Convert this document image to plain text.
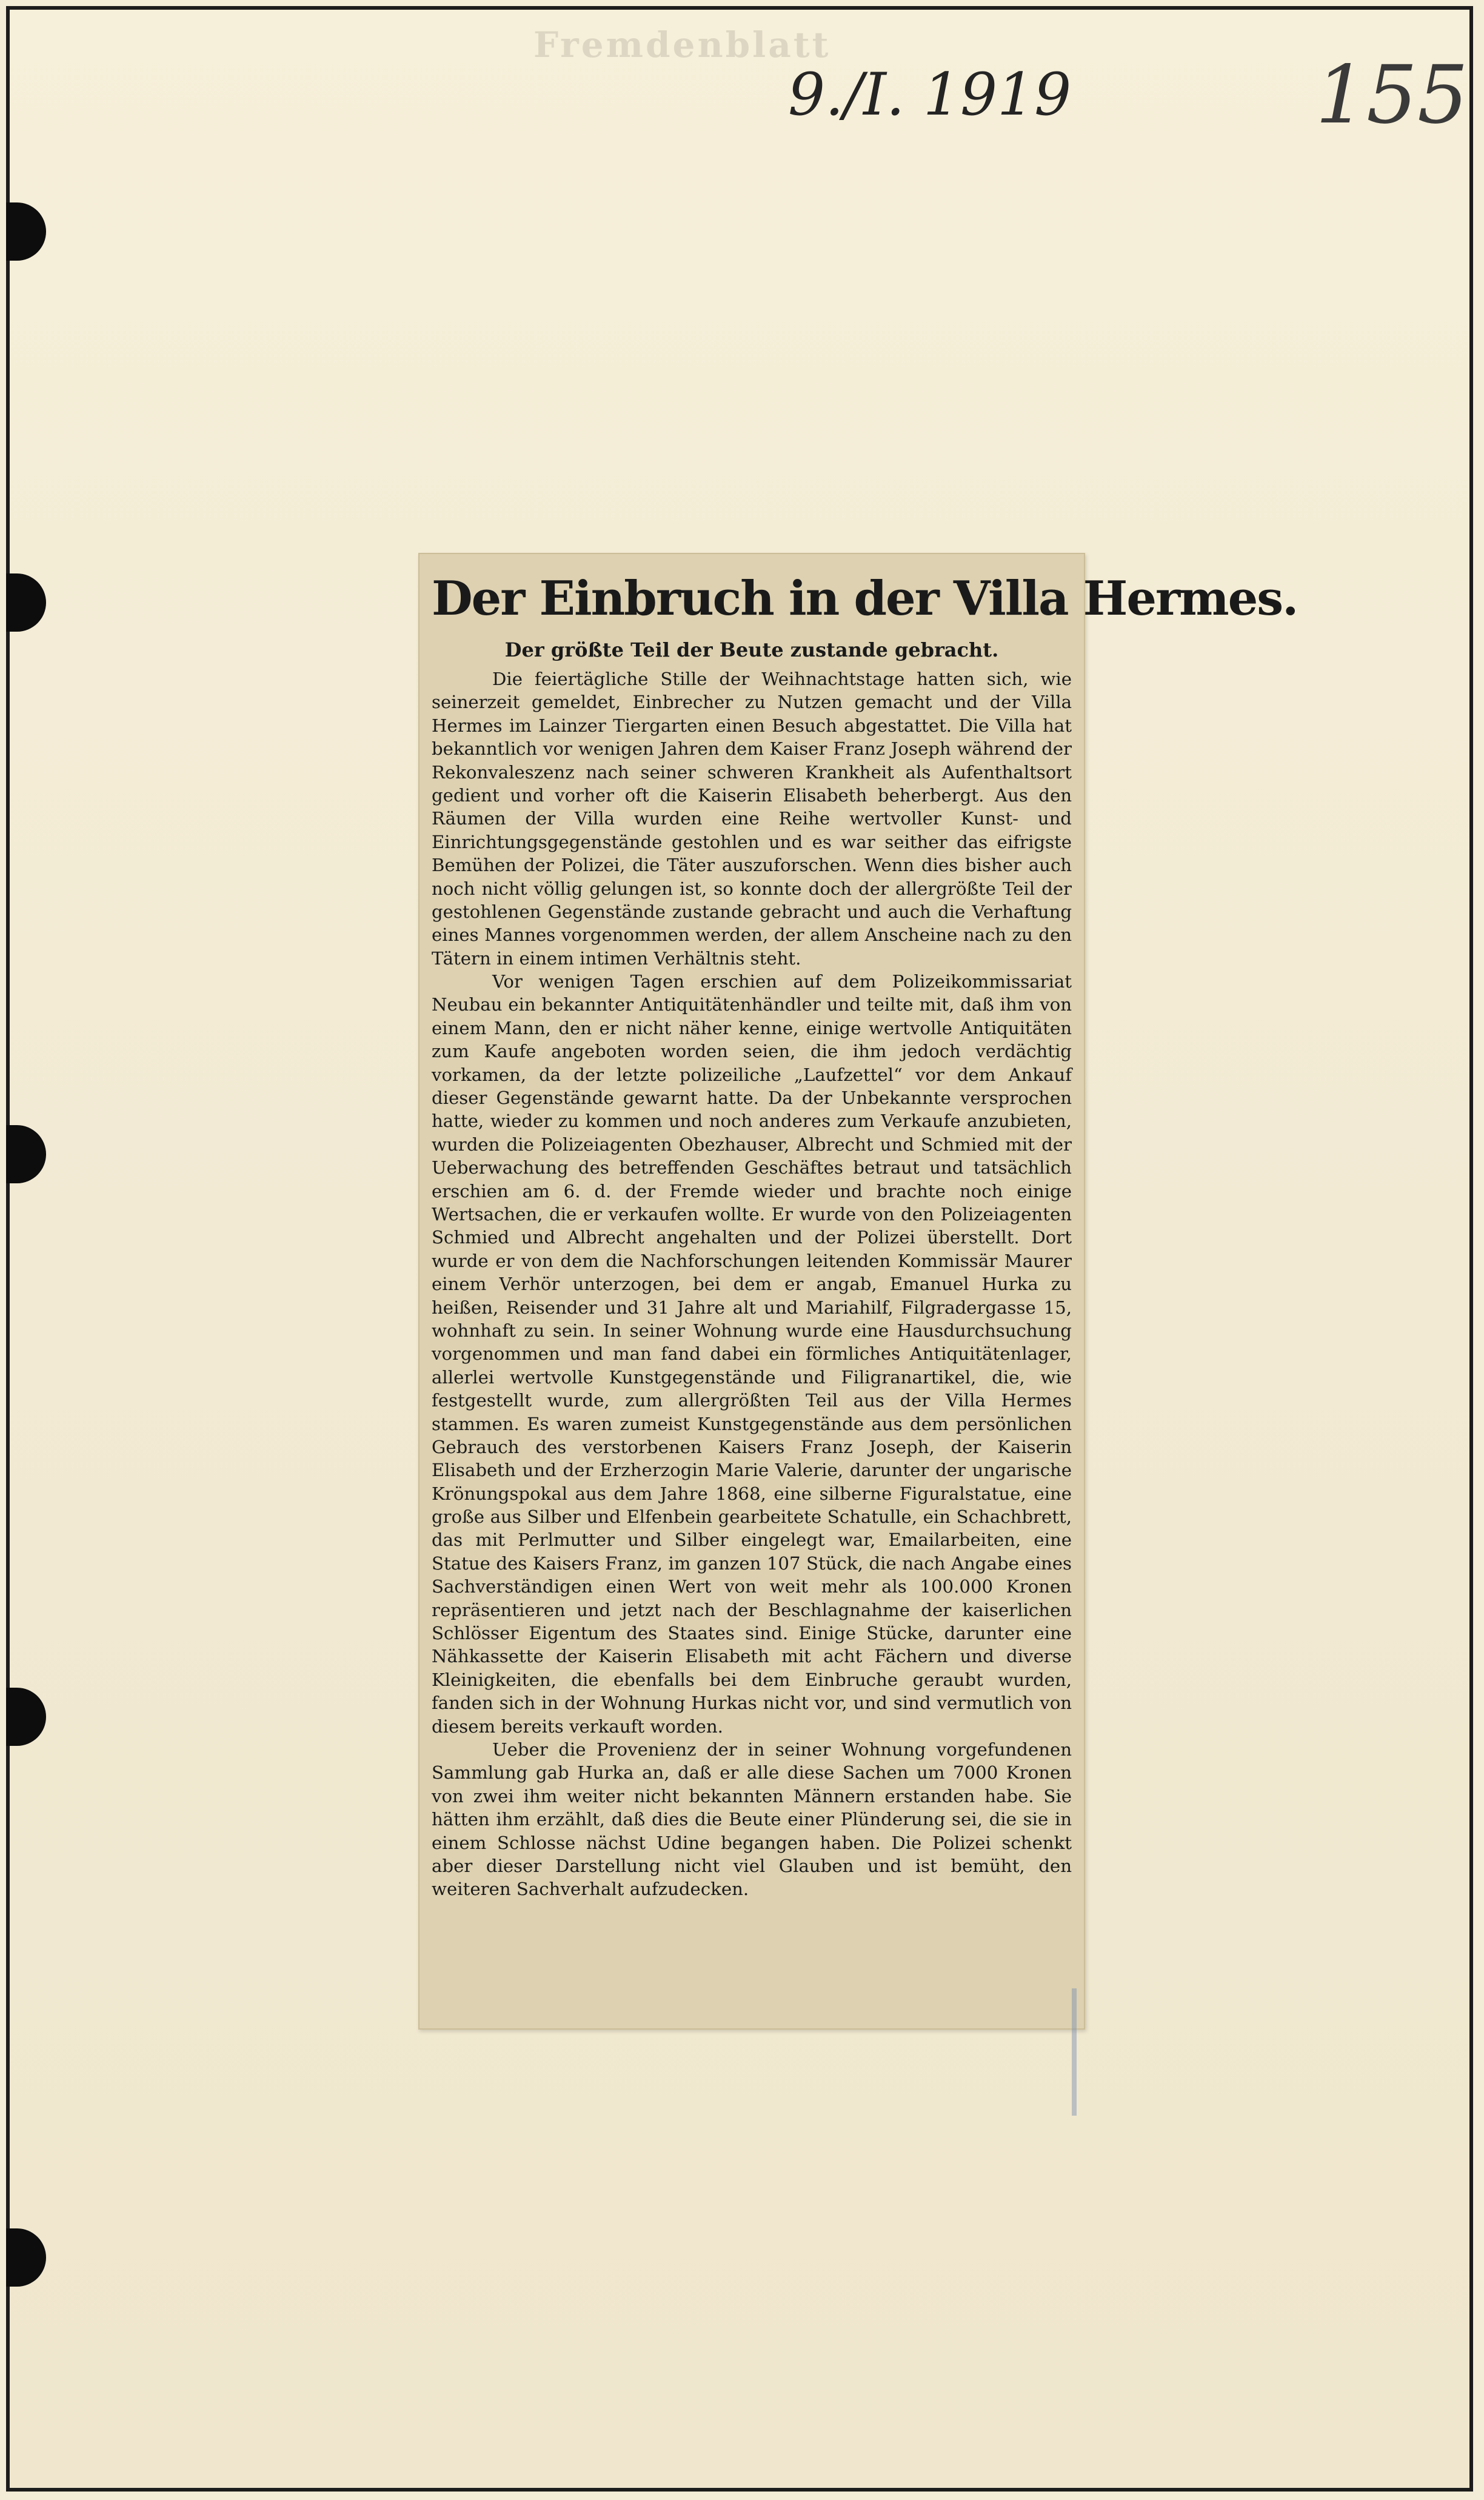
Fremdenblatt
9./I. 1919	155
Der Einbruch in der Villa Hermes.
Der größte Teil der Beute zustande gebracht.

Die feiertägliche Stille der Weihnachtstage hatten sich, wie seinerzeit gemeldet, Einbrecher zu Nutzen gemacht und der Villa Hermes im Lainzer Tiergarten einen Besuch abgestattet. Die Villa hat bekanntlich vor wenigen Jahren dem Kaiser Franz Joseph während der Rekonvaleszenz nach seiner schweren Krankheit als Aufenthaltsort gedient und vorher oft die Kaiserin Elisabeth beherbergt. Aus den Räumen der Villa wurden eine Reihe wertvoller Kunst- und Einrichtungsgegenstände gestohlen und es war seither das eifrigste Bemühen der Polizei, die Täter auszuforschen. Wenn dies bisher auch noch nicht völlig gelungen ist, so konnte doch der allergrößte Teil der gestohlenen Gegenstände zustande gebracht und auch die Verhaftung eines Mannes vorgenommen werden, der allem Anscheine nach zu den Tätern in einem intimen Verhältnis steht.

Vor wenigen Tagen erschien auf dem Polizeikommissariat Neubau ein bekannter Antiquitätenhändler und teilte mit, daß ihm von einem Mann, den er nicht näher kenne, einige wertvolle Antiquitäten zum Kaufe angeboten worden seien, die ihm jedoch verdächtig vorkamen, da der letzte polizeiliche „Laufzettel“ vor dem Ankauf dieser Gegenstände gewarnt hatte. Da der Unbekannte versprochen hatte, wieder zu kommen und noch anderes zum Verkaufe anzubieten, wurden die Polizeiagenten Obezhauser, Albrecht und Schmied mit der Ueberwachung des betreffenden Geschäftes betraut und tatsächlich erschien am 6. d. der Fremde wieder und brachte noch einige Wertsachen, die er verkaufen wollte. Er wurde von den Polizeiagenten Schmied und Albrecht angehalten und der Polizei überstellt. Dort wurde er von dem die Nachforschungen leitenden Kommissär Maurer einem Verhör unterzogen, bei dem er angab, Emanuel Hurka zu heißen, Reisender und 31 Jahre alt und Mariahilf, Filgradergasse 15, wohnhaft zu sein. In seiner Wohnung wurde eine Hausdurchsuchung vorgenommen und man fand dabei ein förmliches Antiquitätenlager, allerlei wertvolle Kunstgegenstände und Filigranartikel, die, wie festgestellt wurde, zum allergrößten Teil aus der Villa Hermes stammen. Es waren zumeist Kunstgegenstände aus dem persönlichen Gebrauch des verstorbenen Kaisers Franz Joseph, der Kaiserin Elisabeth und der Erzherzogin Marie Valerie, darunter der ungarische Krönungspokal aus dem Jahre 1868, eine silberne Figuralstatue, eine große aus Silber und Elfenbein gearbeitete Schatulle, ein Schachbrett, das mit Perlmutter und Silber eingelegt war, Emailarbeiten, eine Statue des Kaisers Franz, im ganzen 107 Stück, die nach Angabe eines Sachverständigen einen Wert von weit mehr als 100.000 Kronen repräsentieren und jetzt nach der Beschlagnahme der kaiserlichen Schlösser Eigentum des Staates sind. Einige Stücke, darunter eine Nähkassette der Kaiserin Elisabeth mit acht Fächern und diverse Kleinigkeiten, die ebenfalls bei dem Einbruche geraubt wurden, fanden sich in der Wohnung Hurkas nicht vor, und sind vermutlich von diesem bereits verkauft worden.

Ueber die Provenienz der in seiner Wohnung vorgefundenen Sammlung gab Hurka an, daß er alle diese Sachen um 7000 Kronen von zwei ihm weiter nicht bekannten Männern erstanden habe. Sie hätten ihm erzählt, daß dies die Beute einer Plünderung sei, die sie in einem Schlosse nächst Udine begangen haben. Die Polizei schenkt aber dieser Darstellung nicht viel Glauben und ist bemüht, den weiteren Sachverhalt aufzudecken.
